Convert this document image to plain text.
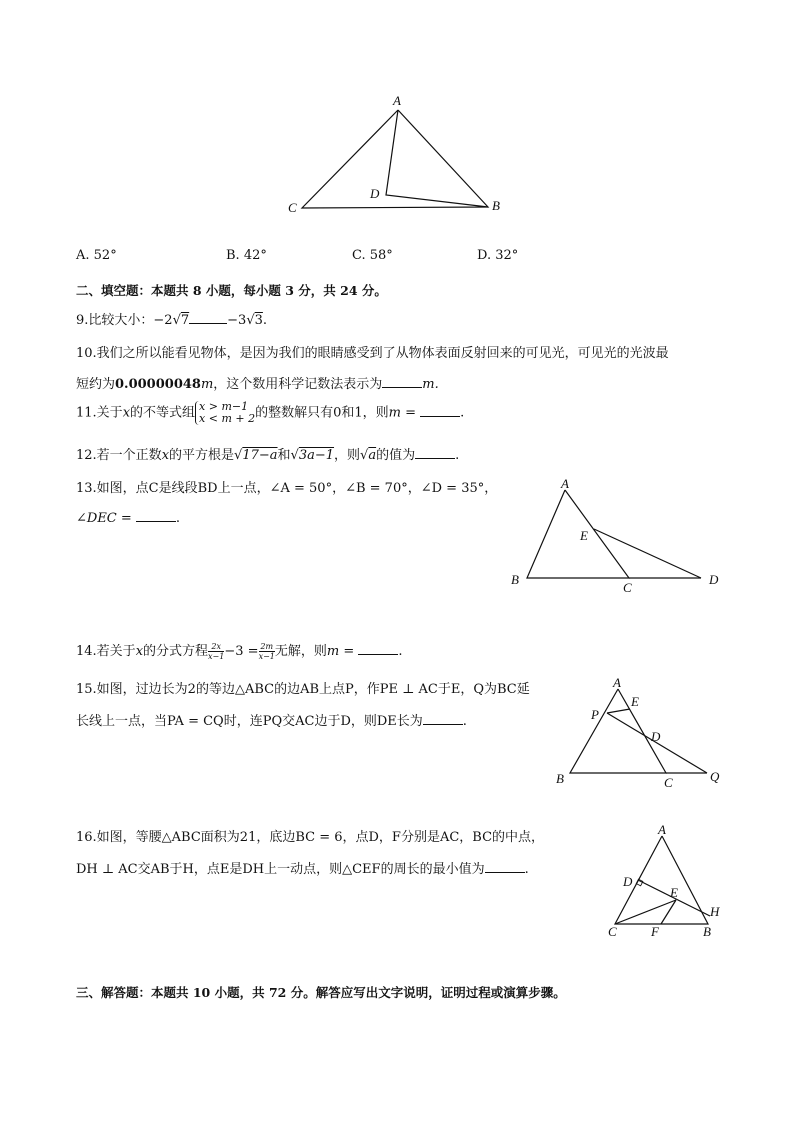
A
C
D
B
A. 52°	B. 42°	C. 58°	D. 32°
二、填空题：本题共 8 小题，每小题 3 分，共 24 分。
9.比较大小：−2√7	−3√3.
10.我们之所以能看见物体，是因为我们的眼睛感受到了从物体表面反射回来的可见光，可见光的光波最
短约为0.00000048m，这个数用科学记数法表示为	m.
11.关于x的不等式组 x > m−1
x < m + 2 的整数解只有0和1，则m =	.
12.若一个正数x的平方根是√17−a和√3a−1，则√a的值为	.
13.如图，点C是线段BD上一点，∠A = 50°，∠B = 70°，∠D = 35°，
∠DEC =	.
A
E
B
C
D
14.若关于x的分式方程 $\frac{2x}{x-1} -3 = \frac{2m}{x-1}$ 无解，则m =	.
15.如图，过边长为2的等边△ABC的边AB上点P，作PE ⊥ AC于E，Q为BC延
长线上一点，当PA = CQ时，连PQ交AC边于D，则DE长为	.
A
E
P
D
B	C	Q
16.如图，等腰△ABC面积为21，底边BC = 6，点D，F分别是AC，BC的中点，
DH ⊥ AC交AB于H，点E是DH上一动点，则△CEF的周长的最小值为	.
A
D
E
H
C	F	B
三、解答题：本题共 10 小题，共 72 分。解答应写出文字说明，证明过程或演算步骤。
